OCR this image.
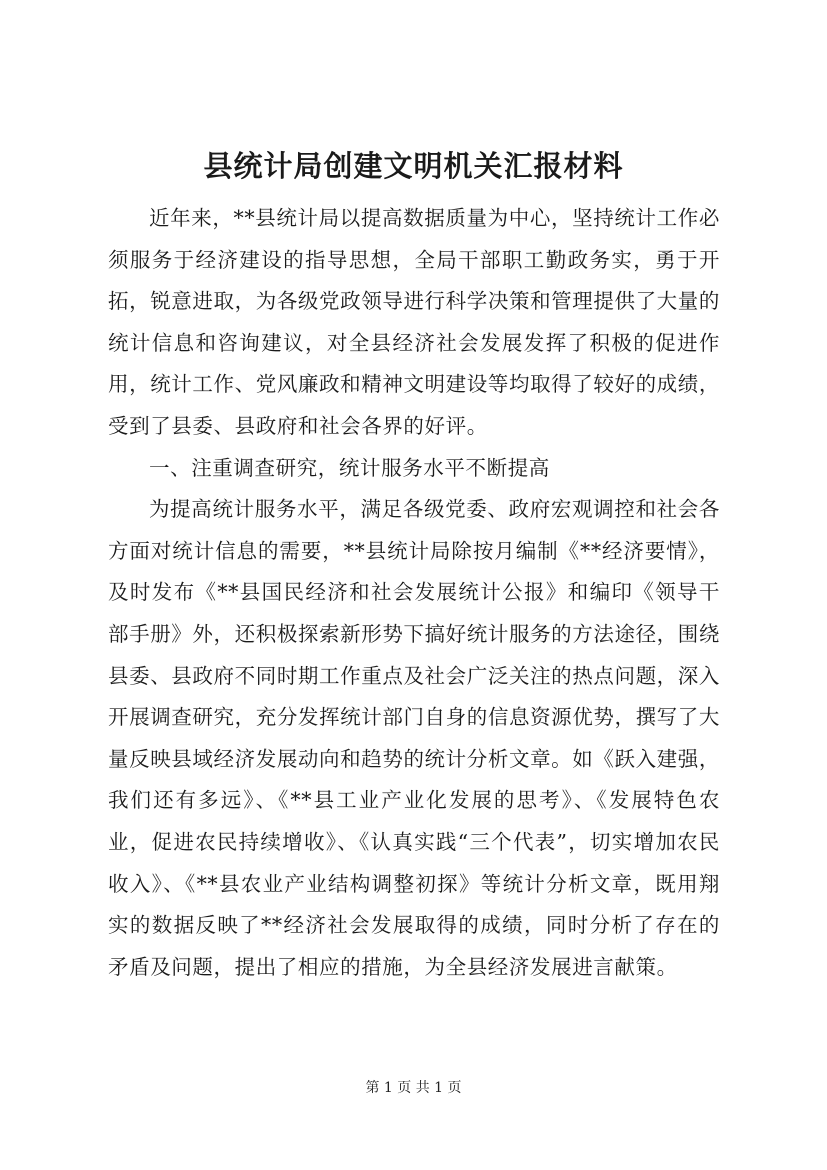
县统计局创建文明机关汇报材料

近年来，**县统计局以提高数据质量为中心，坚持统计工作必须服务于经济建设的指导思想，全局干部职工勤政务实，勇于开拓，锐意进取，为各级党政领导进行科学决策和管理提供了大量的统计信息和咨询建议，对全县经济社会发展发挥了积极的促进作用，统计工作、党风廉政和精神文明建设等均取得了较好的成绩，受到了县委、县政府和社会各界的好评。

一、注重调查研究，统计服务水平不断提高

为提高统计服务水平，满足各级党委、政府宏观调控和社会各方面对统计信息的需要，**县统计局除按月编制《**经济要情》，及时发布《**县国民经济和社会发展统计公报》和编印《领导干部手册》外，还积极探索新形势下搞好统计服务的方法途径，围绕县委、县政府不同时期工作重点及社会广泛关注的热点问题，深入开展调查研究，充分发挥统计部门自身的信息资源优势，撰写了大量反映县域经济发展动向和趋势的统计分析文章。如《跃入建强，我们还有多远》、《**县工业产业化发展的思考》、《发展特色农业，促进农民持续增收》、《认真实践“三个代表”，切实增加农民收入》、《**县农业产业结构调整初探》等统计分析文章，既用翔实的数据反映了**经济社会发展取得的成绩，同时分析了存在的矛盾及问题，提出了相应的措施，为全县经济发展进言献策。

第 1 页 共 1 页
